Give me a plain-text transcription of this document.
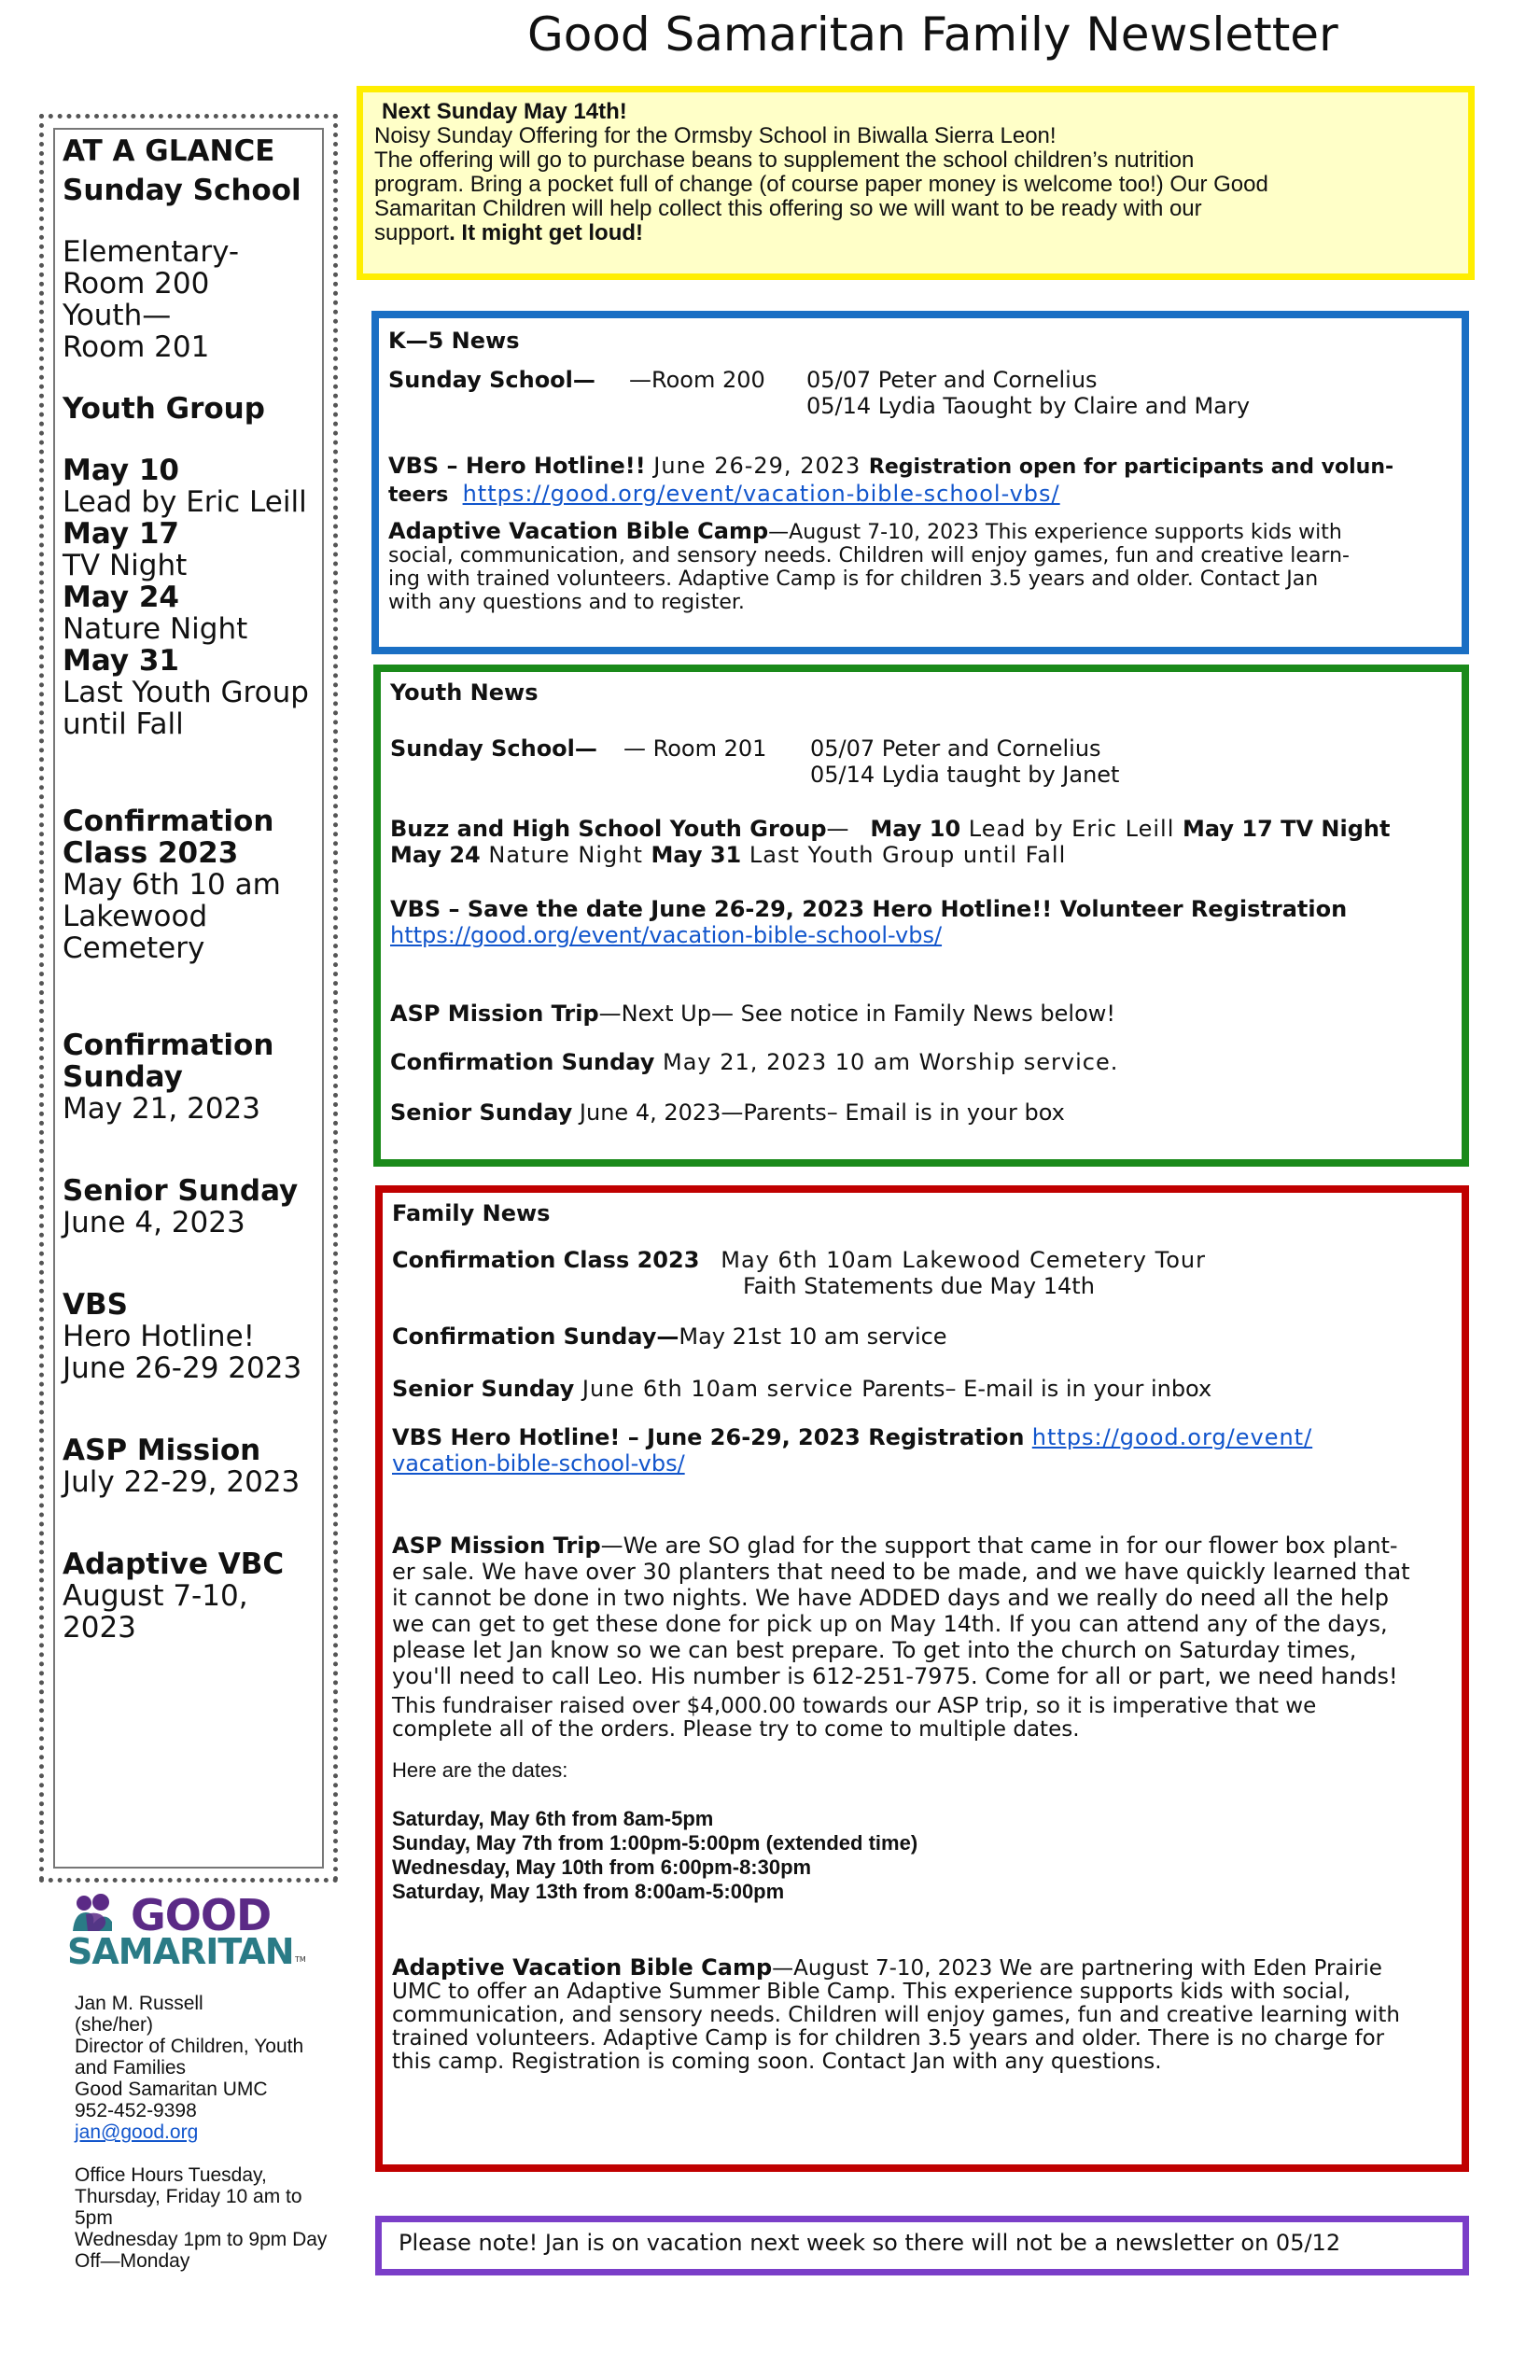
Good Samaritan Family Newsletter
AT A GLANCE
Sunday School
Elementary-
Room 200
Youth—
Room 201
Youth Group
May 10
Lead by Eric Leill
May 17
TV Night
May 24
Nature Night
May 31
Last Youth Group
until Fall
Confirmation
Class 2023
May 6th 10 am
Lakewood
Cemetery
Confirmation
Sunday
May 21, 2023
Senior Sunday
June 4, 2023
VBS
Hero Hotline!
June 26-29 2023
ASP Mission
July 22-29, 2023
Adaptive VBC
August 7-10,
2023
GOOD
SAMARITAN TM
Jan M. Russell
(she/her)
Director of Children, Youth
and Families
Good Samaritan UMC
952-452-9398
jan@good.org
Office Hours Tuesday,
Thursday, Friday 10 am to
5pm
Wednesday 1pm to 9pm Day
Off—Monday
Next Sunday May 14th!
Noisy Sunday Offering for the Ormsby School in Biwalla Sierra Leon!
The offering will go to purchase beans to supplement the school children’s nutrition
program. Bring a pocket full of change (of course paper money is welcome too!) Our Good
Samaritan Children will help collect this offering so we will want to be ready with our
support. It might get loud!
K—5 News
Sunday School—	—Room 200	05/07 Peter and Cornelius
05/14 Lydia Taought by Claire and Mary
VBS – Hero Hotline!! June 26-29, 2023 Registration open for participants and volun-
teers https://good.org/event/vacation-bible-school-vbs/
Adaptive Vacation Bible Camp—August 7-10, 2023 This experience supports kids with
social, communication, and sensory needs. Children will enjoy games, fun and creative learn-
ing with trained volunteers. Adaptive Camp is for children 3.5 years and older. Contact Jan
with any questions and to register.
Youth News
Sunday School—	— Room 201	05/07 Peter and Cornelius
05/14 Lydia taught by Janet
Buzz and High School Youth Group— May 10 Lead by Eric Leill May 17 TV Night
May 24 Nature Night May 31 Last Youth Group until Fall
VBS – Save the date June 26-29, 2023 Hero Hotline!! Volunteer Registration
https://good.org/event/vacation-bible-school-vbs/
ASP Mission Trip—Next Up— See notice in Family News below!
Confirmation Sunday May 21, 2023 10 am Worship service.
Senior Sunday June 4, 2023—Parents– Email is in your box
Family News
Confirmation Class 2023 May 6th 10am Lakewood Cemetery Tour
Faith Statements due May 14th
Confirmation Sunday—May 21st 10 am service
Senior Sunday June 6th 10am service Parents– E-mail is in your inbox
VBS Hero Hotline! – June 26-29, 2023 Registration https://good.org/event/
vacation-bible-school-vbs/
ASP Mission Trip—We are SO glad for the support that came in for our flower box plant-
er sale. We have over 30 planters that need to be made, and we have quickly learned that
it cannot be done in two nights. We have ADDED days and we really do need all the help
we can get to get these done for pick up on May 14th. If you can attend any of the days,
please let Jan know so we can best prepare. To get into the church on Saturday times,
you'll need to call Leo. His number is 612-251-7975. Come for all or part, we need hands!
This fundraiser raised over $4,000.00 towards our ASP trip, so it is imperative that we
complete all of the orders. Please try to come to multiple dates.
Here are the dates:
Saturday, May 6th from 8am-5pm
Sunday, May 7th from 1:00pm-5:00pm (extended time)
Wednesday, May 10th from 6:00pm-8:30pm
Saturday, May 13th from 8:00am-5:00pm
Adaptive Vacation Bible Camp—August 7-10, 2023 We are partnering with Eden Prairie
UMC to offer an Adaptive Summer Bible Camp. This experience supports kids with social,
communication, and sensory needs. Children will enjoy games, fun and creative learning with
trained volunteers. Adaptive Camp is for children 3.5 years and older. There is no charge for
this camp. Registration is coming soon. Contact Jan with any questions.
Please note! Jan is on vacation next week so there will not be a newsletter on 05/12
